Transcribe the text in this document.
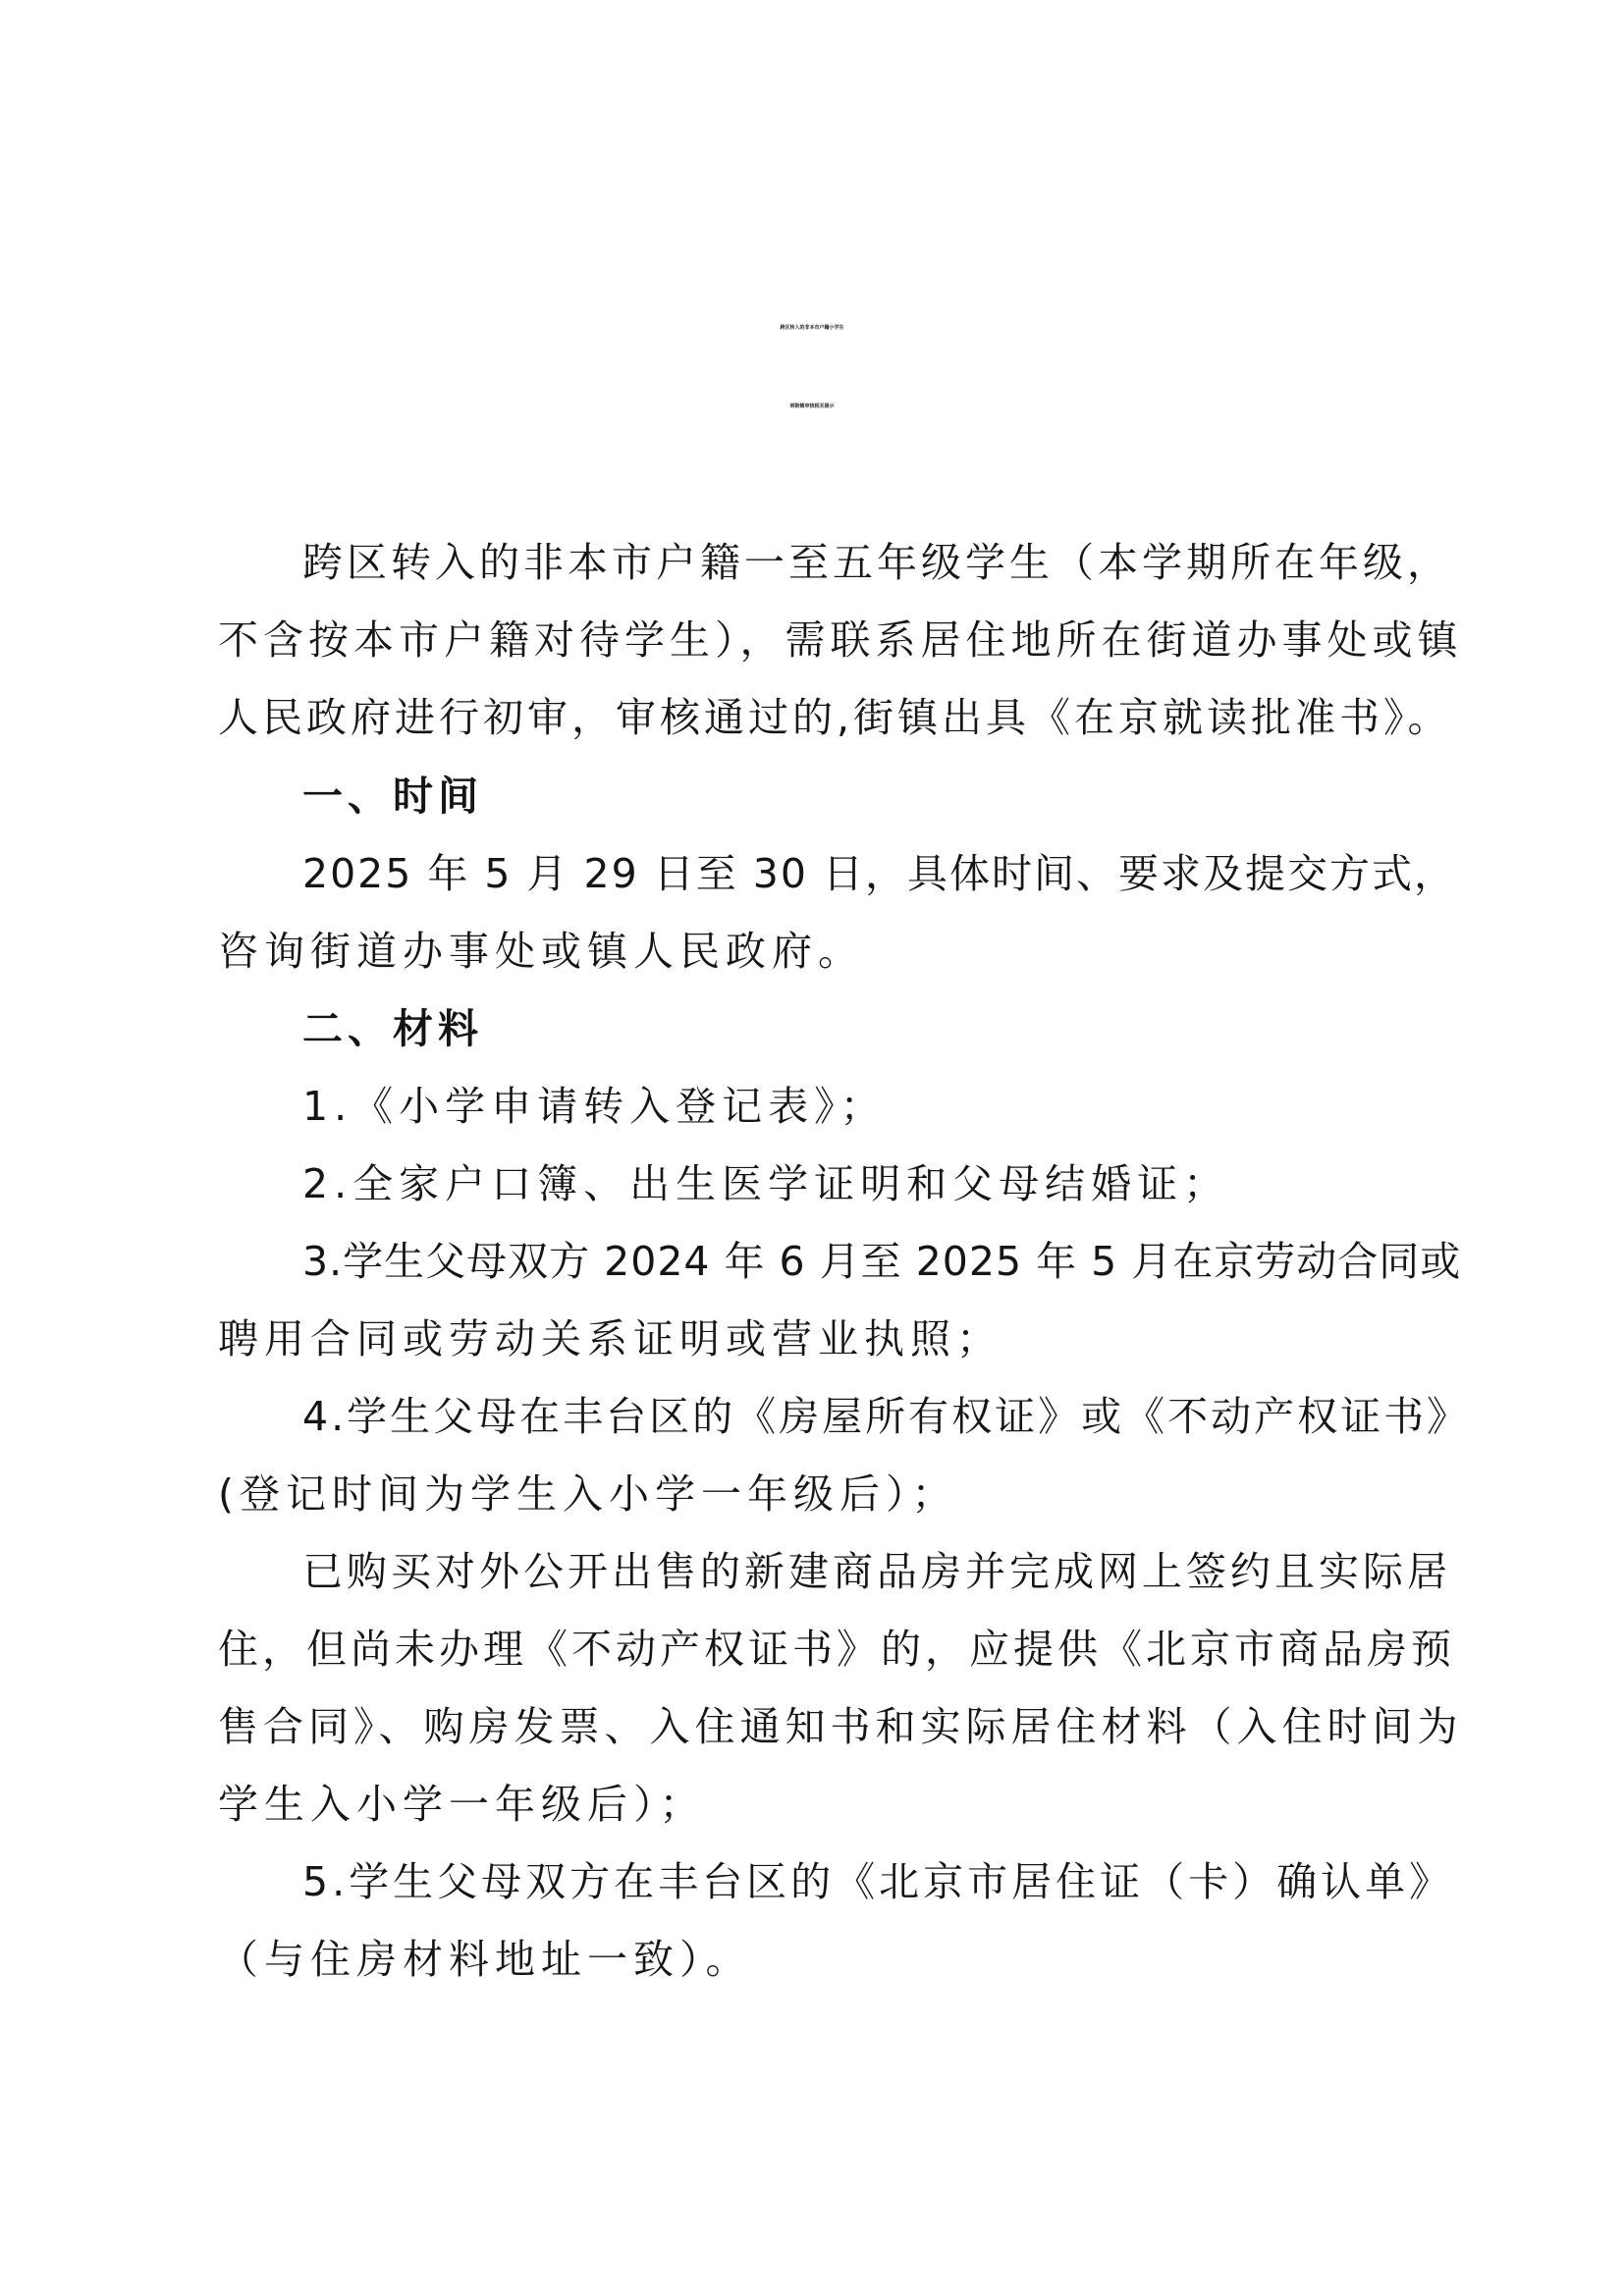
跨区转入的非本市户籍小学生
到街镇审核相关提示
跨区转入的非本市户籍一至五年级学生（本学期所在年级，
不含按本市户籍对待学生），需联系居住地所在街道办事处或镇
人民政府进行初审，审核通过的,街镇出具《在京就读批准书》。
一、时间
2025 年 5 月 29 日至 30 日，具体时间、要求及提交方式，
咨询街道办事处或镇人民政府。
二、材料
1.《小学申请转入登记表》；
2.全家户口簿、出生医学证明和父母结婚证；
3.学生父母双方 2024 年 6 月至 2025 年 5 月在京劳动合同或
聘用合同或劳动关系证明或营业执照；
4.学生父母在丰台区的《房屋所有权证》或《不动产权证书》
(登记时间为学生入小学一年级后）；
已购买对外公开出售的新建商品房并完成网上签约且实际居
住，但尚未办理《不动产权证书》的，应提供《北京市商品房预
售合同》、购房发票、入住通知书和实际居住材料（入住时间为
学生入小学一年级后）；
5.学生父母双方在丰台区的《北京市居住证（卡）确认单》
（与住房材料地址一致）。
